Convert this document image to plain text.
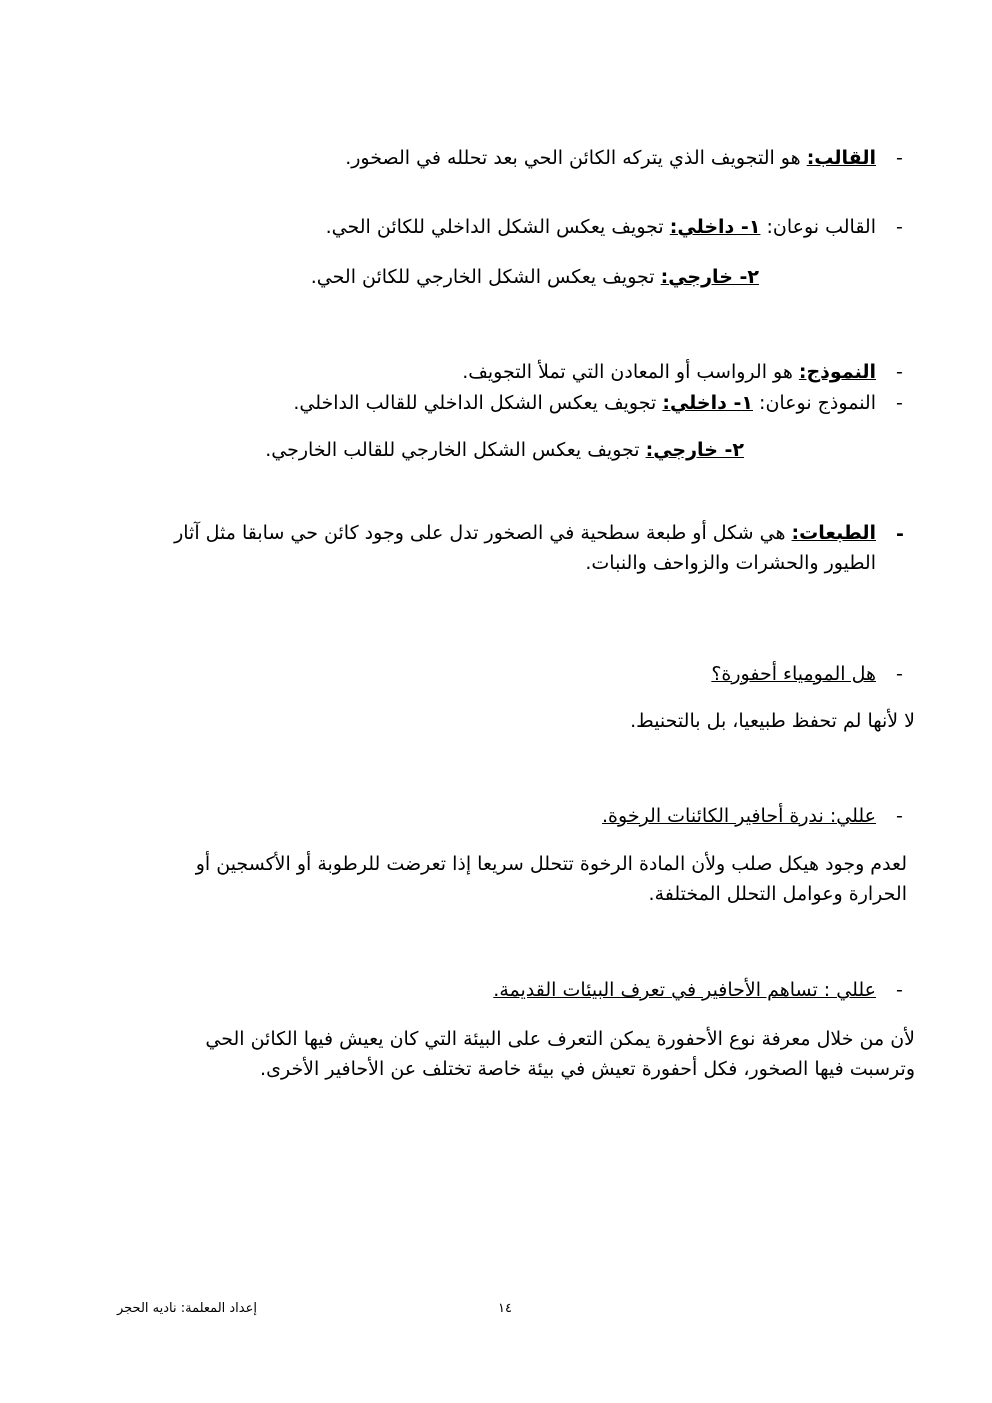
-
القالب: هو التجويف الذي يتركه الكائن الحي بعد تحلله في الصخور.
-
القالب نوعان: ١- داخلي: تجويف يعكس الشكل الداخلي للكائن الحي.
٢- خارجي: تجويف يعكس الشكل الخارجي للكائن الحي.
-
النموذج: هو الرواسب أو المعادن التي تملأ التجويف.
-
النموذج نوعان: ١- داخلي: تجويف يعكس الشكل الداخلي للقالب الداخلي.
٢- خارجي: تجويف يعكس الشكل الخارجي للقالب الخارجي.
-
الطبعات: هي شكل أو طبعة سطحية في الصخور تدل على وجود كائن حي سابقا مثل آثار الطيور والحشرات والزواحف والنبات.
-
هل المومياء أحفورة؟
لا لأنها لم تحفظ طبيعيا، بل بالتحنيط.
-
عللي: ندرة أحافير الكائنات الرخوة.
لعدم وجود هيكل صلب ولأن المادة الرخوة تتحلل سريعا إذا تعرضت للرطوبة أو الأكسجين أو الحرارة وعوامل التحلل المختلفة.
-
عللي : تساهم الأحافير في تعرف البيئات القديمة.
لأن من خلال معرفة نوع الأحفورة يمكن التعرف على البيئة التي كان يعيش فيها الكائن الحي وترسبت فيها الصخور، فكل أحفورة تعيش في بيئة خاصة تختلف عن الأحافير الأخرى.
١٤
إعداد المعلمة: ناديه الحجر
